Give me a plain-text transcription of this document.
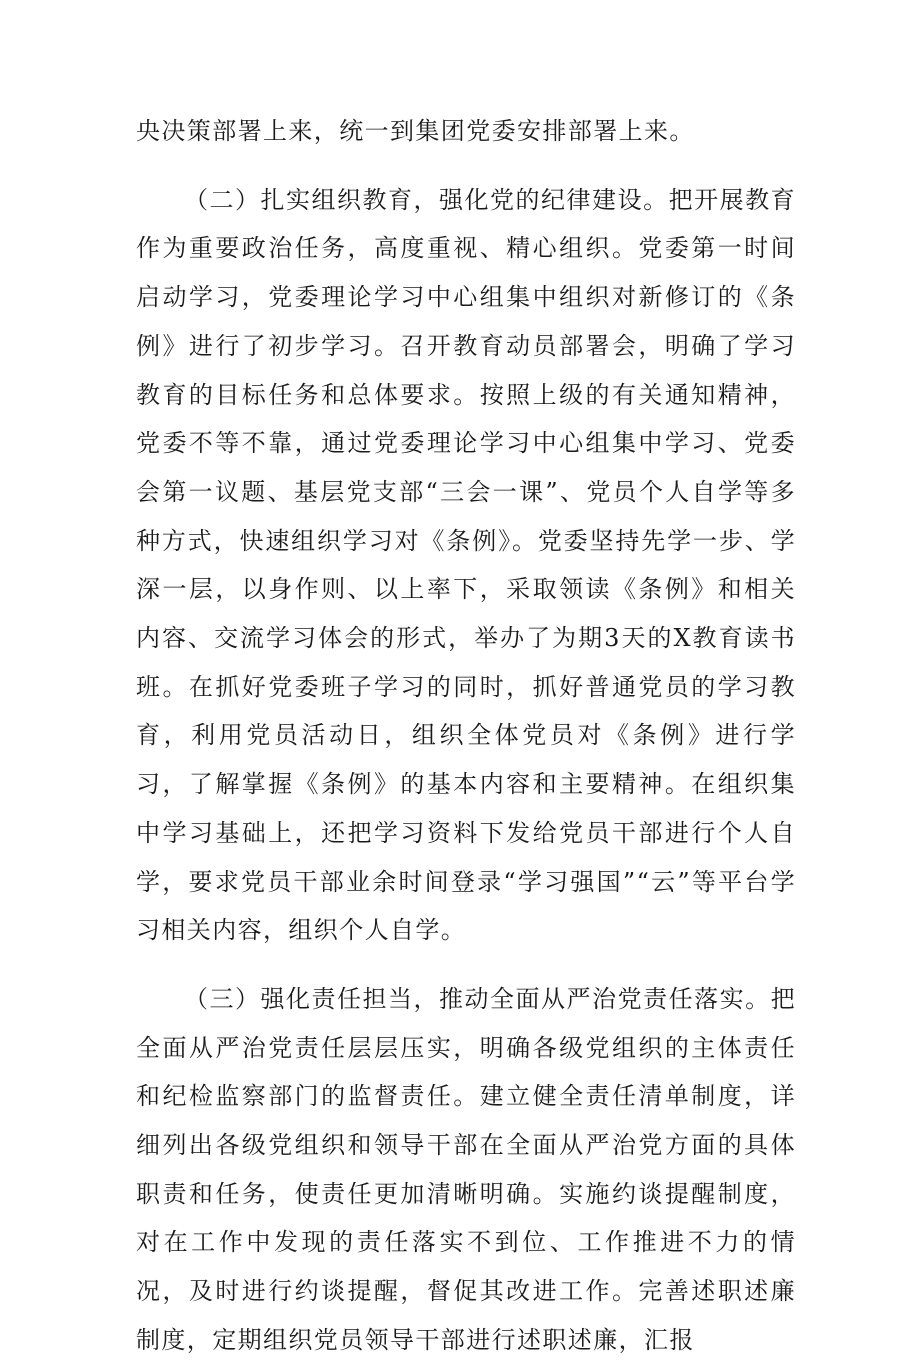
央决策部署上来，统一到集团党委安排部署上来。

（二）扎实组织教育，强化党的纪律建设。把开展教育作为重要政治任务，高度重视、精心组织。党委第一时间启动学习，党委理论学习中心组集中组织对新修订的《条例》进行了初步学习。召开教育动员部署会，明确了学习教育的目标任务和总体要求。按照上级的有关通知精神，党委不等不靠，通过党委理论学习中心组集中学习、党委会第一议题、基层党支部“三会一课”、党员个人自学等多种方式，快速组织学习对《条例》。党委坚持先学一步、学深一层，以身作则、以上率下，采取领读《条例》和相关内容、交流学习体会的形式，举办了为期3天的X教育读书班。在抓好党委班子学习的同时，抓好普通党员的学习教育，利用党员活动日，组织全体党员对《条例》进行学习，了解掌握《条例》的基本内容和主要精神。在组织集中学习基础上，还把学习资料下发给党员干部进行个人自学，要求党员干部业余时间登录“学习强国”“云”等平台学习相关内容，组织个人自学。

（三）强化责任担当，推动全面从严治党责任落实。把全面从严治党责任层层压实，明确各级党组织的主体责任和纪检监察部门的监督责任。建立健全责任清单制度，详细列出各级党组织和领导干部在全面从严治党方面的具体职责和任务，使责任更加清晰明确。实施约谈提醒制度，对在工作中发现的责任落实不到位、工作推进不力的情况，及时进行约谈提醒，督促其改进工作。完善述职述廉制度，定期组织党员领导干部进行述职述廉，汇报
